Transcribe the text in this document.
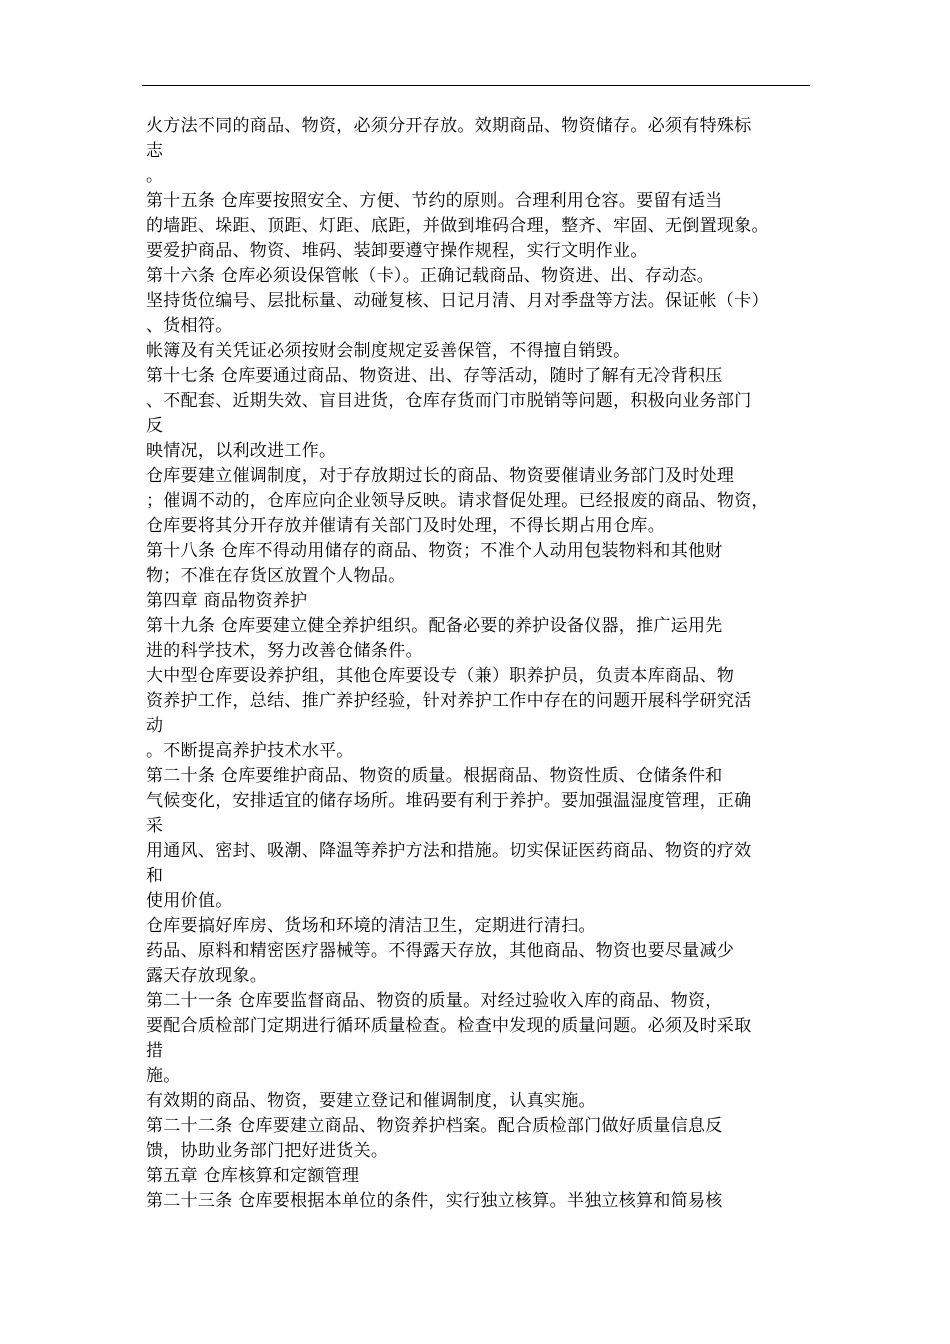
火方法不同的商品、物资，必须分开存放。效期商品、物资储存。必须有特殊标
志
。
第十五条 仓库要按照安全、方便、节约的原则。合理利用仓容。要留有适当
的墙距、垛距、顶距、灯距、底距，并做到堆码合理，整齐、牢固、无倒置现象。
要爱护商品、物资、堆码、装卸要遵守操作规程，实行文明作业。
第十六条 仓库必须设保管帐（卡）。正确记载商品、物资进、出、存动态。
坚持货位编号、层批标量、动碰复核、日记月清、月对季盘等方法。保证帐（卡）
、货相符。
帐簿及有关凭证必须按财会制度规定妥善保管，不得擅自销毁。
第十七条 仓库要通过商品、物资进、出、存等活动，随时了解有无冷背积压
、不配套、近期失效、盲目进货，仓库存货而门市脱销等问题，积极向业务部门
反
映情况，以利改进工作。
仓库要建立催调制度，对于存放期过长的商品、物资要催请业务部门及时处理
；催调不动的，仓库应向企业领导反映。请求督促处理。已经报废的商品、物资，
仓库要将其分开存放并催请有关部门及时处理，不得长期占用仓库。
第十八条 仓库不得动用储存的商品、物资；不准个人动用包装物料和其他财
物；不准在存货区放置个人物品。
第四章 商品物资养护
第十九条 仓库要建立健全养护组织。配备必要的养护设备仪器，推广运用先
进的科学技术，努力改善仓储条件。
大中型仓库要设养护组，其他仓库要设专（兼）职养护员，负责本库商品、物
资养护工作，总结、推广养护经验，针对养护工作中存在的问题开展科学研究活
动
。不断提高养护技术水平。
第二十条 仓库要维护商品、物资的质量。根据商品、物资性质、仓储条件和
气候变化，安排适宜的储存场所。堆码要有利于养护。要加强温湿度管理，正确
采
用通风、密封、吸潮、降温等养护方法和措施。切实保证医药商品、物资的疗效
和
使用价值。
仓库要搞好库房、货场和环境的清洁卫生，定期进行清扫。
药品、原料和精密医疗器械等。不得露天存放，其他商品、物资也要尽量减少
露天存放现象。
第二十一条 仓库要监督商品、物资的质量。对经过验收入库的商品、物资，
要配合质检部门定期进行循环质量检查。检查中发现的质量问题。必须及时采取
措
施。
有效期的商品、物资，要建立登记和催调制度，认真实施。
第二十二条 仓库要建立商品、物资养护档案。配合质检部门做好质量信息反
馈，协助业务部门把好进货关。
第五章 仓库核算和定额管理
第二十三条 仓库要根据本单位的条件，实行独立核算。半独立核算和简易核
